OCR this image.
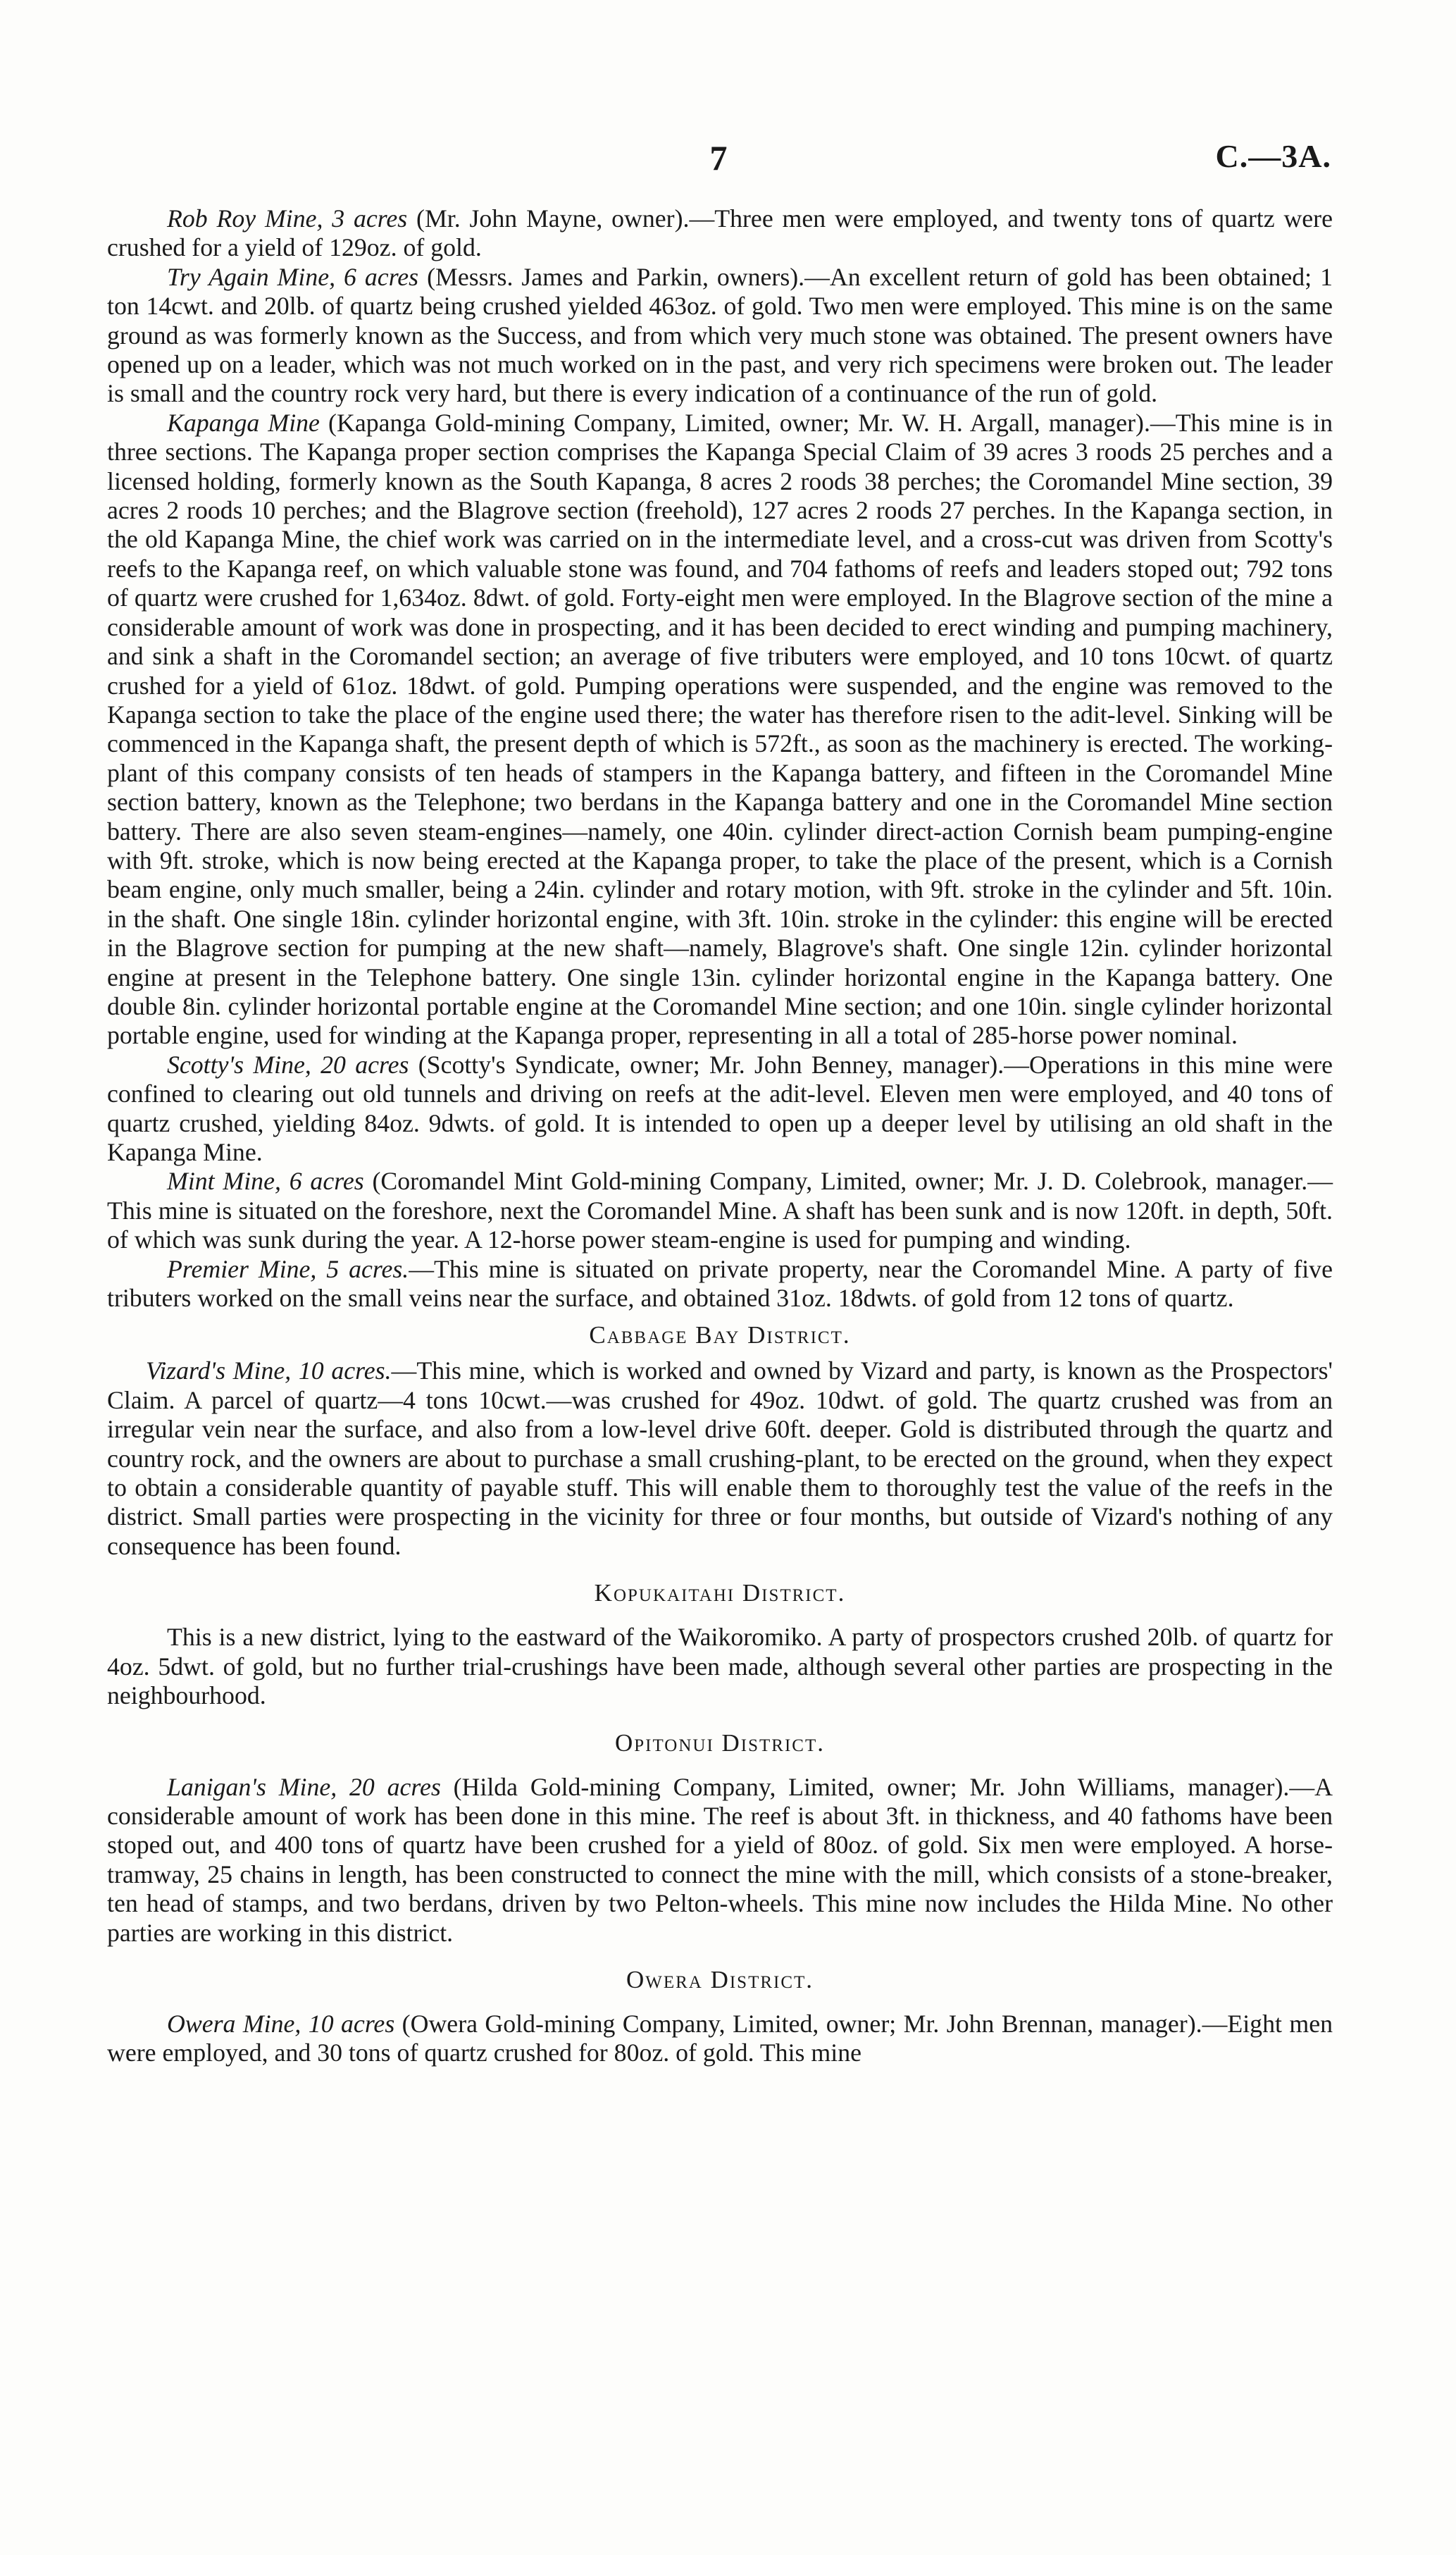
7	C.—3A.

Rob Roy Mine, 3 acres (Mr. John Mayne, owner).—Three men were employed, and twenty tons of quartz were crushed for a yield of 129oz. of gold.

Try Again Mine, 6 acres (Messrs. James and Parkin, owners).—An excellent return of gold has been obtained; 1 ton 14cwt. and 20lb. of quartz being crushed yielded 463oz. of gold. Two men were employed. This mine is on the same ground as was formerly known as the Success, and from which very much stone was obtained. The present owners have opened up on a leader, which was not much worked on in the past, and very rich specimens were broken out. The leader is small and the country rock very hard, but there is every indication of a continuance of the run of gold.

Kapanga Mine (Kapanga Gold-mining Company, Limited, owner; Mr. W. H. Argall, manager).—This mine is in three sections. The Kapanga proper section comprises the Kapanga Special Claim of 39 acres 3 roods 25 perches and a licensed holding, formerly known as the South Kapanga, 8 acres 2 roods 38 perches; the Coromandel Mine section, 39 acres 2 roods 10 perches; and the Blagrove section (freehold), 127 acres 2 roods 27 perches. In the Kapanga section, in the old Kapanga Mine, the chief work was carried on in the intermediate level, and a cross-cut was driven from Scotty's reefs to the Kapanga reef, on which valuable stone was found, and 704 fathoms of reefs and leaders stoped out; 792 tons of quartz were crushed for 1,634oz. 8dwt. of gold. Forty-eight men were employed. In the Blagrove section of the mine a considerable amount of work was done in prospecting, and it has been decided to erect winding and pumping machinery, and sink a shaft in the Coromandel section; an average of five tributers were employed, and 10 tons 10cwt. of quartz crushed for a yield of 61oz. 18dwt. of gold. Pumping operations were suspended, and the engine was removed to the Kapanga section to take the place of the engine used there; the water has therefore risen to the adit-level. Sinking will be commenced in the Kapanga shaft, the present depth of which is 572ft., as soon as the machinery is erected. The working-plant of this company consists of ten heads of stampers in the Kapanga battery, and fifteen in the Coromandel Mine section battery, known as the Telephone; two berdans in the Kapanga battery and one in the Coromandel Mine section battery. There are also seven steam-engines—namely, one 40in. cylinder direct-action Cornish beam pumping-engine with 9ft. stroke, which is now being erected at the Kapanga proper, to take the place of the present, which is a Cornish beam engine, only much smaller, being a 24in. cylinder and rotary motion, with 9ft. stroke in the cylinder and 5ft. 10in. in the shaft. One single 18in. cylinder horizontal engine, with 3ft. 10in. stroke in the cylinder: this engine will be erected in the Blagrove section for pumping at the new shaft—namely, Blagrove's shaft. One single 12in. cylinder horizontal engine at present in the Telephone battery. One single 13in. cylinder horizontal engine in the Kapanga battery. One double 8in. cylinder horizontal portable engine at the Coromandel Mine section; and one 10in. single cylinder horizontal portable engine, used for winding at the Kapanga proper, representing in all a total of 285-horse power nominal.

Scotty's Mine, 20 acres (Scotty's Syndicate, owner; Mr. John Benney, manager).—Operations in this mine were confined to clearing out old tunnels and driving on reefs at the adit-level. Eleven men were employed, and 40 tons of quartz crushed, yielding 84oz. 9dwts. of gold. It is intended to open up a deeper level by utilising an old shaft in the Kapanga Mine.

Mint Mine, 6 acres (Coromandel Mint Gold-mining Company, Limited, owner; Mr. J. D. Colebrook, manager.—This mine is situated on the foreshore, next the Coromandel Mine. A shaft has been sunk and is now 120ft. in depth, 50ft. of which was sunk during the year. A 12-horse power steam-engine is used for pumping and winding.

Premier Mine, 5 acres.—This mine is situated on private property, near the Coromandel Mine. A party of five tributers worked on the small veins near the surface, and obtained 31oz. 18dwts. of gold from 12 tons of quartz.

Cabbage Bay District.

Vizard's Mine, 10 acres.—This mine, which is worked and owned by Vizard and party, is known as the Prospectors' Claim. A parcel of quartz—4 tons 10cwt.—was crushed for 49oz. 10dwt. of gold. The quartz crushed was from an irregular vein near the surface, and also from a low-level drive 60ft. deeper. Gold is distributed through the quartz and country rock, and the owners are about to purchase a small crushing-plant, to be erected on the ground, when they expect to obtain a considerable quantity of payable stuff. This will enable them to thoroughly test the value of the reefs in the district. Small parties were prospecting in the vicinity for three or four months, but outside of Vizard's nothing of any consequence has been found.

Kopukaitahi District.

This is a new district, lying to the eastward of the Waikoromiko. A party of prospectors crushed 20lb. of quartz for 4oz. 5dwt. of gold, but no further trial-crushings have been made, although several other parties are prospecting in the neighbourhood.

Opitonui District.

Lanigan's Mine, 20 acres (Hilda Gold-mining Company, Limited, owner; Mr. John Williams, manager).—A considerable amount of work has been done in this mine. The reef is about 3ft. in thickness, and 40 fathoms have been stoped out, and 400 tons of quartz have been crushed for a yield of 80oz. of gold. Six men were employed. A horse-tramway, 25 chains in length, has been constructed to connect the mine with the mill, which consists of a stone-breaker, ten head of stamps, and two berdans, driven by two Pelton-wheels. This mine now includes the Hilda Mine. No other parties are working in this district.

Owera District.

Owera Mine, 10 acres (Owera Gold-mining Company, Limited, owner; Mr. John Brennan, manager).—Eight men were employed, and 30 tons of quartz crushed for 80oz. of gold. This mine
